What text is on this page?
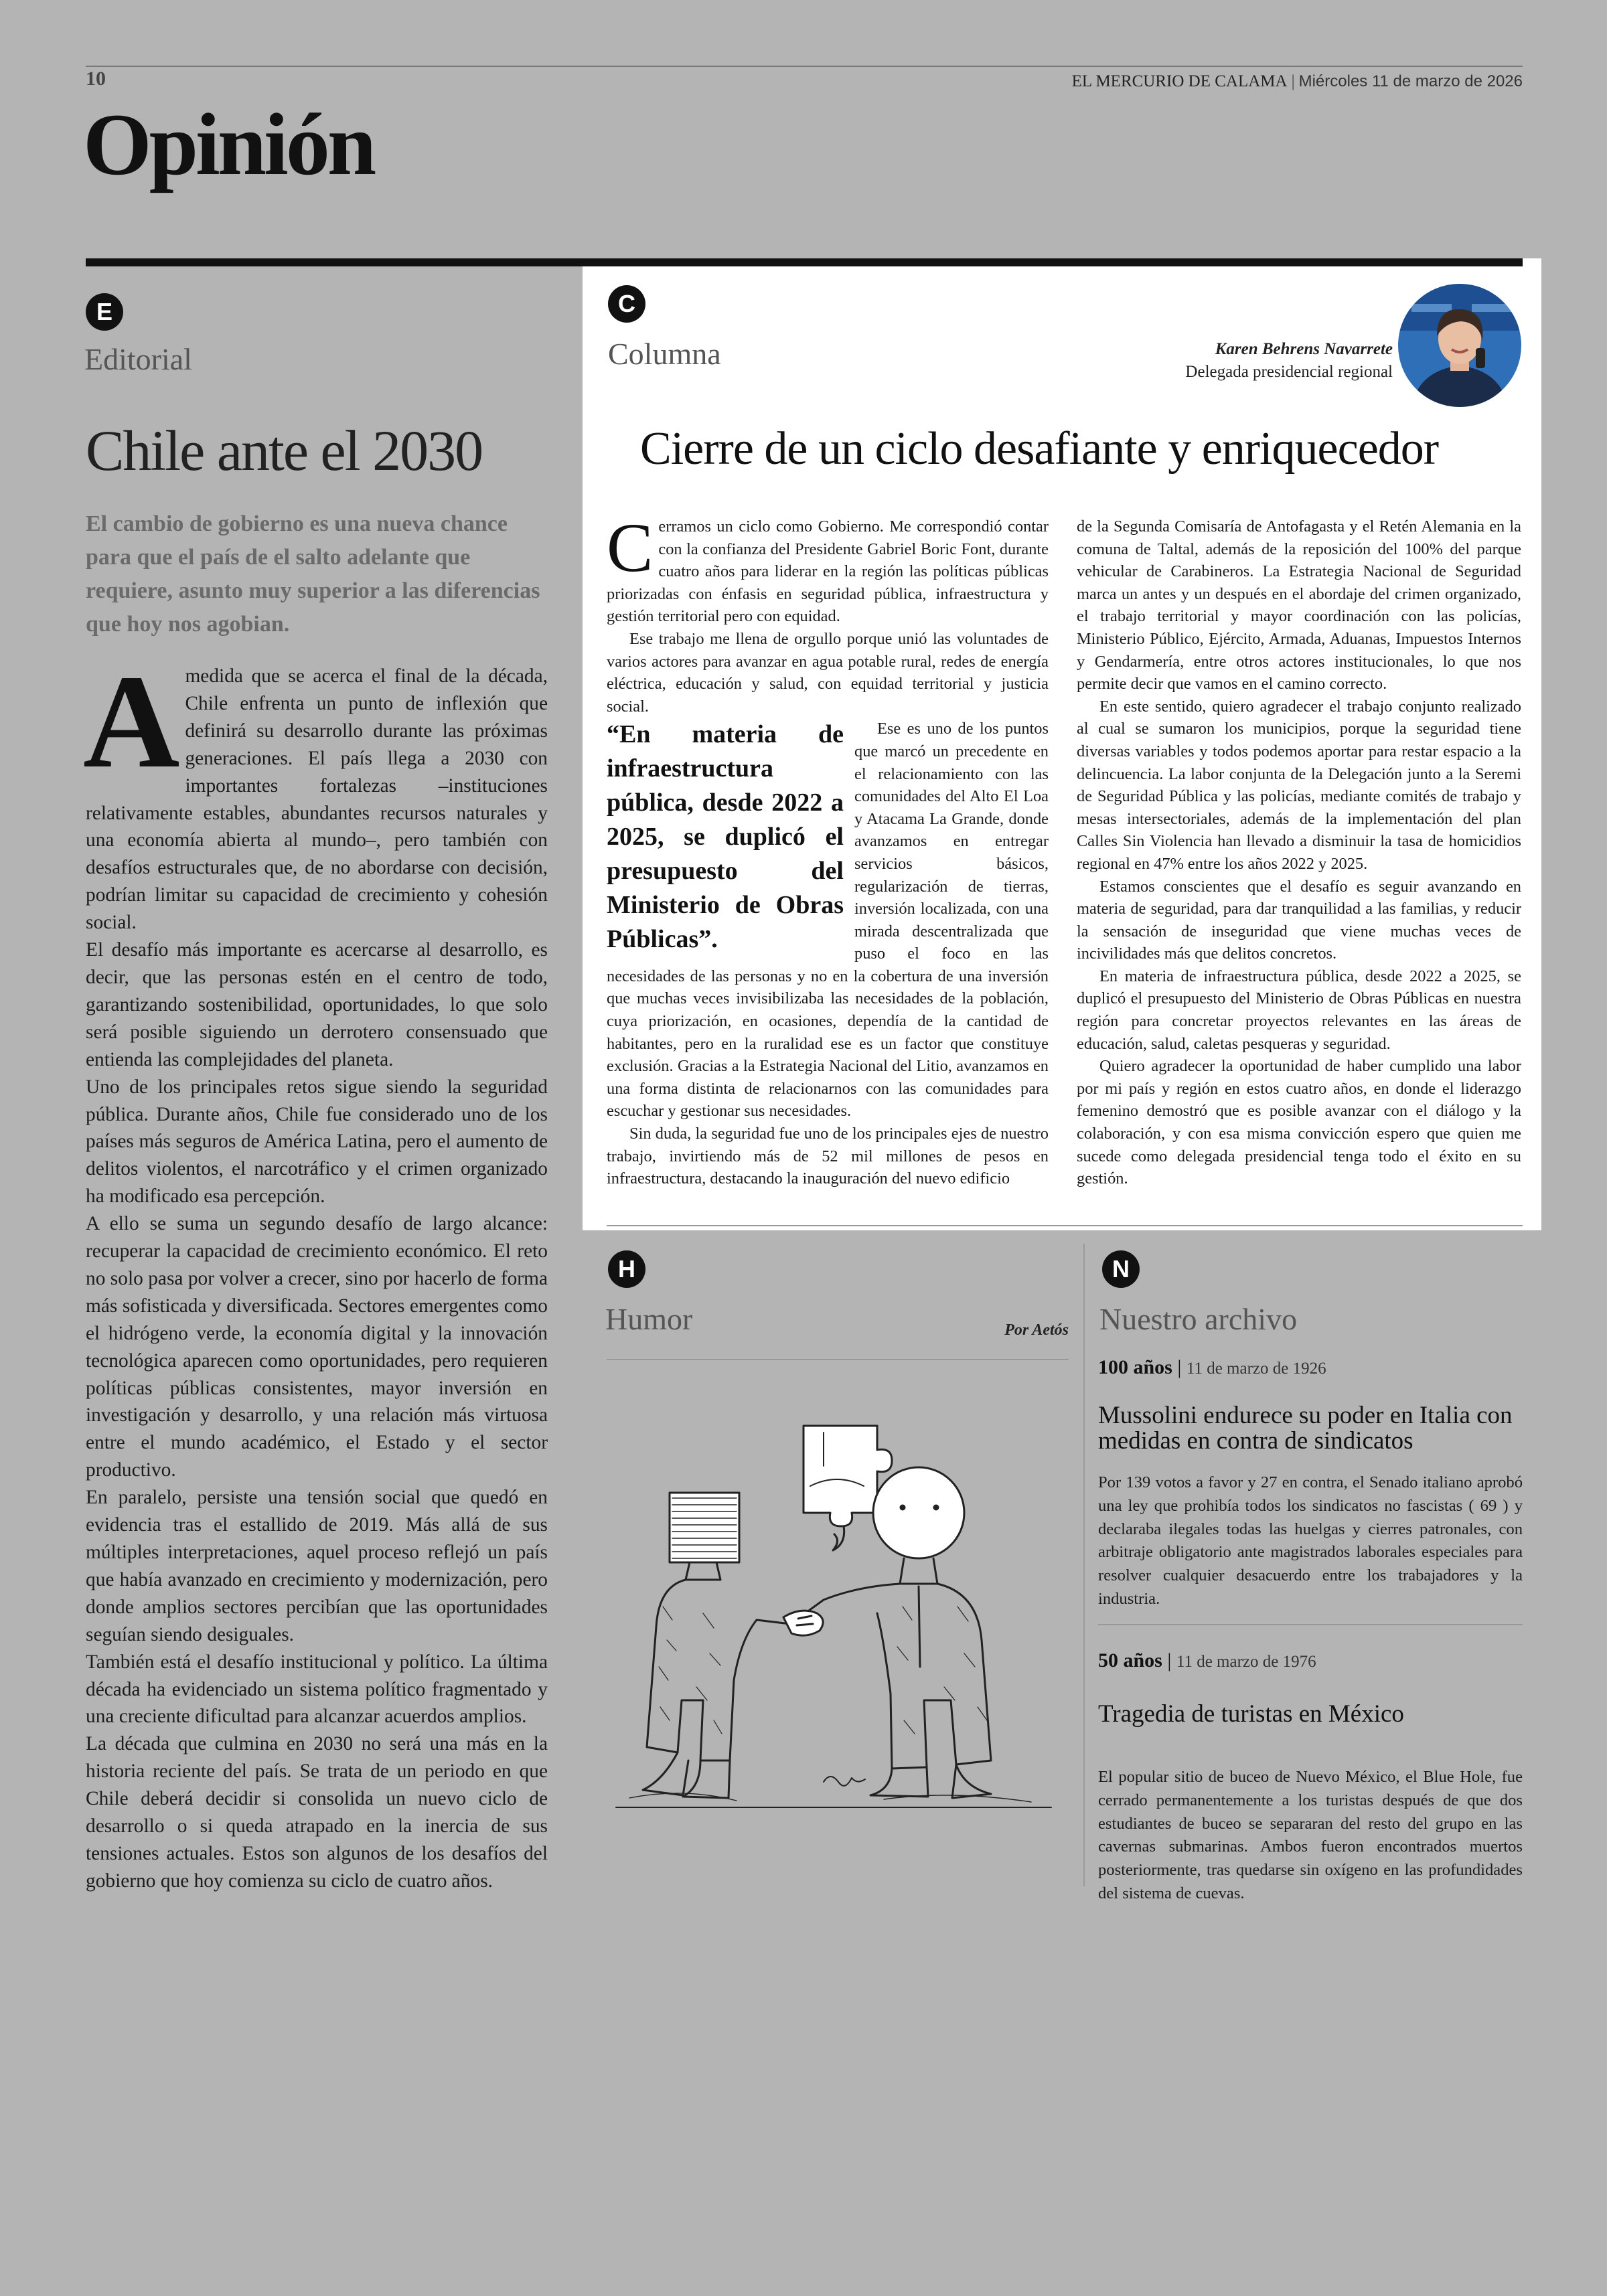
10	EL MERCURIO DE CALAMA | Miércoles 11 de marzo de 2026
Opinión
E
Editorial
Chile ante el 2030
El cambio de gobierno es una nueva chance para que el país de el salto adelante que requiere, asunto muy superior a las diferencias que hoy nos agobian.

Amedida que se acerca el final de la década, Chile enfrenta un punto de inflexión que definirá su desarrollo durante las próximas generaciones. El país llega a 2030 con importantes fortalezas –instituciones relativamente estables, abundantes recursos naturales y una economía abierta al mundo–, pero también con desafíos estructurales que, de no abordarse con decisión, podrían limitar su capacidad de crecimiento y cohesión social.

El desafío más importante es acercarse al desarrollo, es decir, que las personas estén en el centro de todo, garantizando sostenibilidad, oportunidades, lo que solo será posible siguiendo un derrotero consensuado que entienda las complejidades del planeta.

Uno de los principales retos sigue siendo la seguridad pública. Durante años, Chile fue considerado uno de los países más seguros de América Latina, pero el aumento de delitos violentos, el narcotráfico y el crimen organizado ha modificado esa percepción.

A ello se suma un segundo desafío de largo alcance: recuperar la capacidad de crecimiento económico. El reto no solo pasa por volver a crecer, sino por hacerlo de forma más sofisticada y diversificada. Sectores emergentes como el hidrógeno verde, la economía digital y la innovación tecnológica aparecen como oportunidades, pero requieren políticas públicas consistentes, mayor inversión en investigación y desarrollo, y una relación más virtuosa entre el mundo académico, el Estado y el sector productivo.

En paralelo, persiste una tensión social que quedó en evidencia tras el estallido de 2019. Más allá de sus múltiples interpretaciones, aquel proceso reflejó un país que había avanzado en crecimiento y modernización, pero donde amplios sectores percibían que las oportunidades seguían siendo desiguales.

También está el desafío institucional y político. La última década ha evidenciado un sistema político fragmentado y una creciente dificultad para alcanzar acuerdos amplios.

La década que culmina en 2030 no será una más en la historia reciente del país. Se trata de un periodo en que Chile deberá decidir si consolida un nuevo ciclo de desarrollo o si queda atrapado en la inercia de sus tensiones actuales. Estos son algunos de los desafíos del gobierno que hoy comienza su ciclo de cuatro años.

C
Columna	Karen Behrens Navarrete
Delegada presidencial regional
Cierre de un ciclo desafiante y enriquecedor

Cerramos un ciclo como Gobierno. Me correspondió contar con la confianza del Presidente Gabriel Boric Font, durante cuatro años para liderar en la región las políticas públicas priorizadas con énfasis en seguridad pública, infraestructura y gestión territorial pero con equidad.

Ese trabajo me llena de orgullo porque unió las voluntades de varios actores para avanzar en agua potable rural, redes de energía eléctrica, educación y salud, con equidad territorial y justicia social.

“En materia de infraestructura pública, desde 2022 a 2025, se duplicó el presupuesto del Ministerio de Obras Públicas”.
Ese es uno de los puntos que marcó un precedente en el relacionamiento con las comunidades del Alto El Loa y Atacama La Grande, donde avanzamos en entregar servicios básicos, regularización de tierras, inversión localizada, con una mirada descentralizada que puso el foco en las necesidades de las personas y no en la cobertura de una inversión que muchas veces invisibilizaba las necesidades de la población, cuya priorización, en ocasiones, dependía de la cantidad de habitantes, pero en la ruralidad ese es un factor que constituye exclusión. Gracias a la Estrategia Nacional del Litio, avanzamos en una forma distinta de relacionarnos con las comunidades para escuchar y gestionar sus necesidades.

Sin duda, la seguridad fue uno de los principales ejes de nuestro trabajo, invirtiendo más de 52 mil millones de pesos en infraestructura, destacando la inauguración del nuevo edificio

de la Segunda Comisaría de Antofagasta y el Retén Alemania en la comuna de Taltal, además de la reposición del 100% del parque vehicular de Carabineros. La Estrategia Nacional de Seguridad marca un antes y un después en el abordaje del crimen organizado, el trabajo territorial y mayor coordinación con las policías, Ministerio Público, Ejército, Armada, Aduanas, Impuestos Internos y Gendarmería, entre otros actores institucionales, lo que nos permite decir que vamos en el camino correcto.

En este sentido, quiero agradecer el trabajo conjunto realizado al cual se sumaron los municipios, porque la seguridad tiene diversas variables y todos podemos aportar para restar espacio a la delincuencia. La labor conjunta de la Delegación junto a la Seremi de Seguridad Pública y las policías, mediante comités de trabajo y mesas intersectoriales, además de la implementación del plan Calles Sin Violencia han llevado a disminuir la tasa de homicidios regional en 47% entre los años 2022 y 2025.

Estamos conscientes que el desafío es seguir avanzando en materia de seguridad, para dar tranquilidad a las familias, y reducir la sensación de inseguridad que viene muchas veces de incivilidades más que delitos concretos.

En materia de infraestructura pública, desde 2022 a 2025, se duplicó el presupuesto del Ministerio de Obras Públicas en nuestra región para concretar proyectos relevantes en las áreas de educación, salud, caletas pesqueras y seguridad.

Quiero agradecer la oportunidad de haber cumplido una labor por mi país y región en estos cuatro años, en donde el liderazgo femenino demostró que es posible avanzar con el diálogo y la colaboración, y con esa misma convicción espero que quien me sucede como delegada presidencial tenga todo el éxito en su gestión.

H
Humor	Por Aetós
N
Nuestro archivo
100 años | 11 de marzo de 1926
Mussolini endurece su poder en Italia con medidas en contra de sindicatos
Por 139 votos a favor y 27 en contra, el Senado italiano aprobó una ley que prohibía todos los sindicatos no fascistas ( 69 ) y declaraba ilegales todas las huelgas y cierres patronales, con arbitraje obligatorio ante magistrados laborales especiales para resolver cualquier desacuerdo entre los trabajadores y la industria.
50 años | 11 de marzo de 1976
Tragedia de turistas en México
El popular sitio de buceo de Nuevo México, el Blue Hole, fue cerrado permanentemente a los turistas después de que dos estudiantes de buceo se separaran del resto del grupo en las cavernas submarinas. Ambos fueron encontrados muertos posteriormente, tras quedarse sin oxígeno en las profundidades del sistema de cuevas.
